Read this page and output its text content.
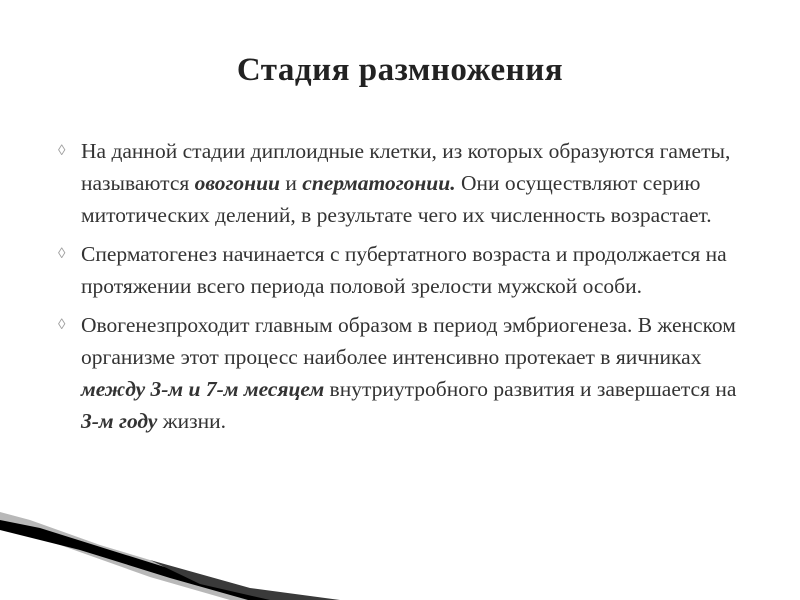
Стадия размножения
◊ На данной стадии диплоидные клетки, из которых образуются гаметы, называются овогонии и сперматогонии. Они осуществляют серию митотических делений, в результате чего их численность возрастает.
◊ Сперматогенез начинается с пубертатного возраста и продолжается на протяжении всего периода половой зрелости мужской особи.
◊ Овогенезпроходит главным образом в период эмбриогенеза. В женском организме этот процесс наиболее интенсивно протекает в яичниках между 3-м и 7-м месяцем внутриутробного развития и завершается на 3-м году жизни.
